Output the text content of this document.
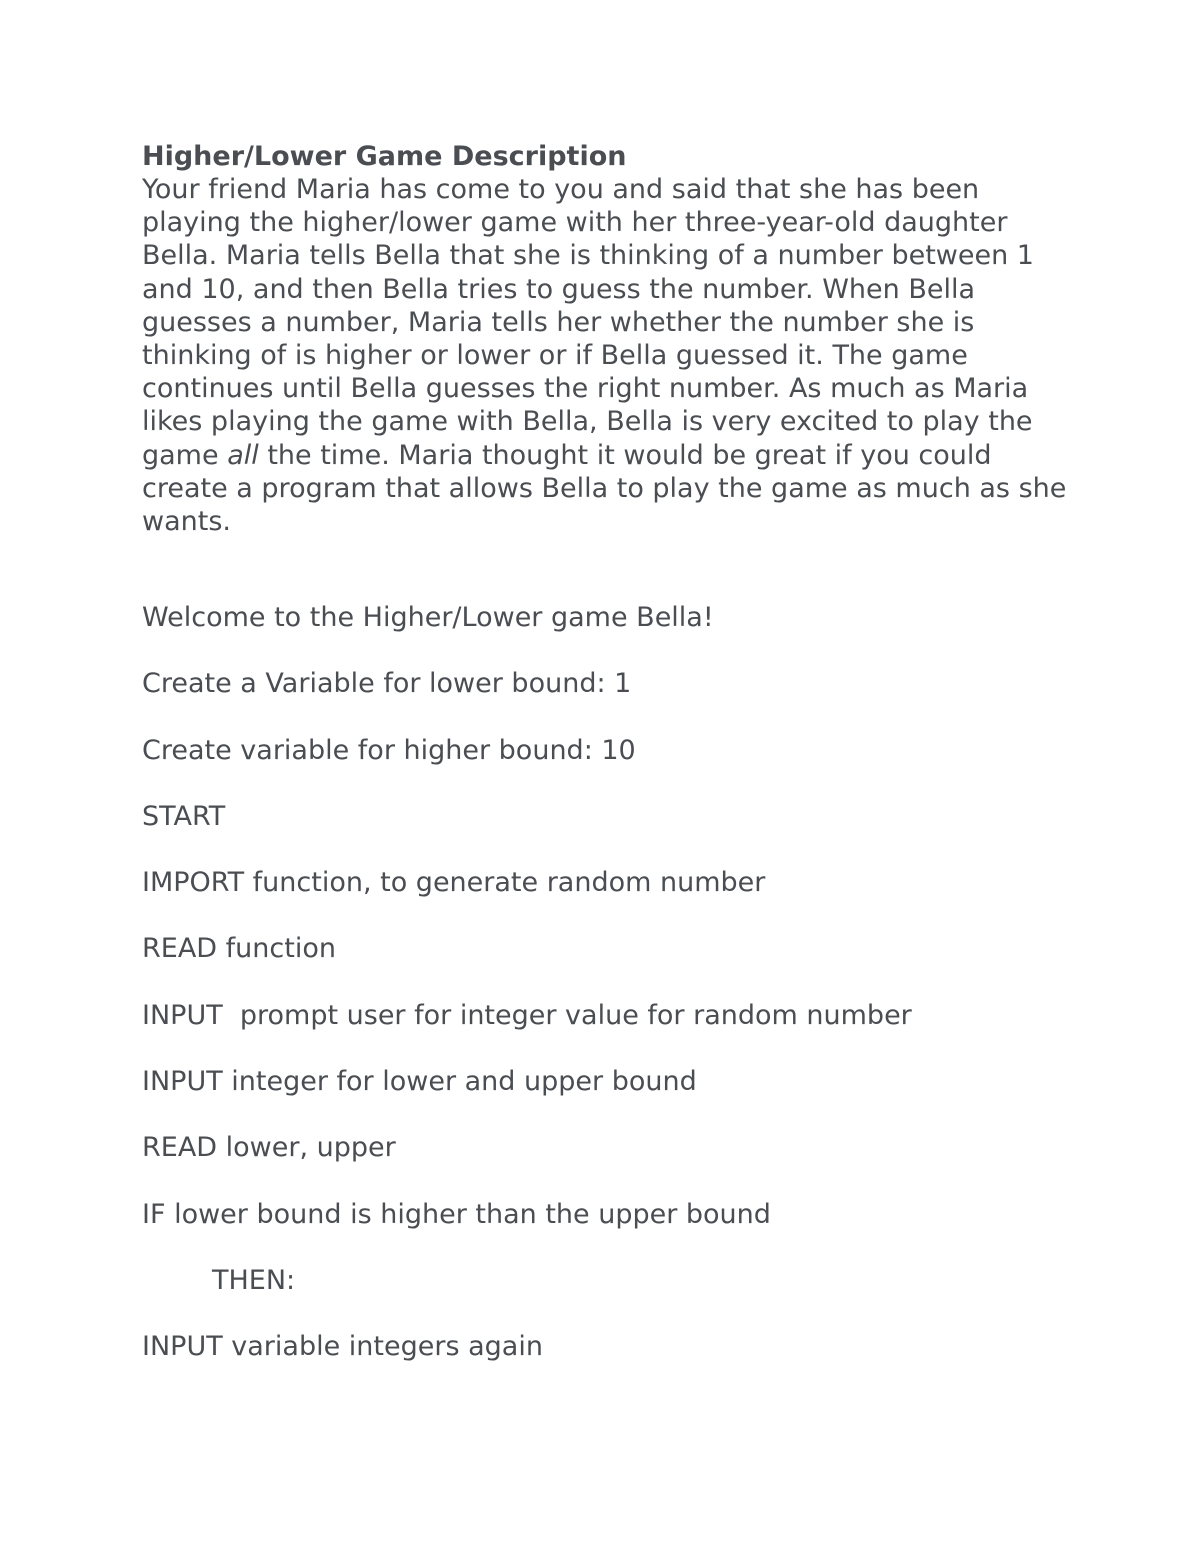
Higher/Lower Game Description

Your friend Maria has come to you and said that she has been playing the higher/lower game with her three-year-old daughter Bella. Maria tells Bella that she is thinking of a number between 1 and 10, and then Bella tries to guess the number. When Bella guesses a number, Maria tells her whether the number she is thinking of is higher or lower or if Bella guessed it. The game continues until Bella guesses the right number. As much as Maria likes playing the game with Bella, Bella is very excited to play the game all the time. Maria thought it would be great if you could create a program that allows Bella to play the game as much as she wants.

Welcome to the Higher/Lower game Bella!

Create a Variable for lower bound: 1

Create variable for higher bound: 10

START

IMPORT function, to generate random number

READ function

INPUT  prompt user for integer value for random number

INPUT integer for lower and upper bound

READ lower, upper

IF lower bound is higher than the upper bound

THEN:

INPUT variable integers again
